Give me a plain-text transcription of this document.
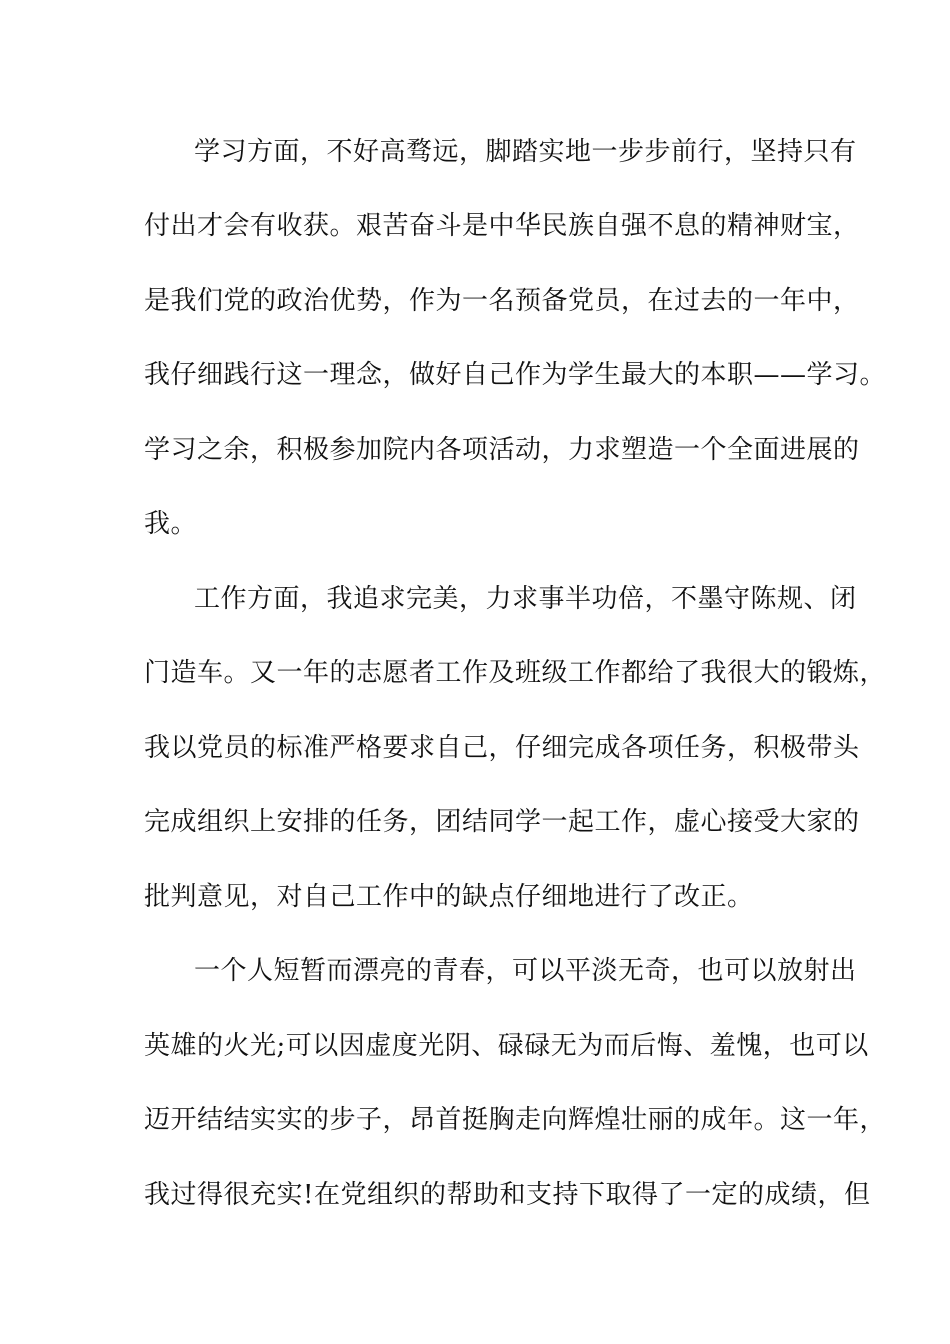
学习方面，不好高骛远，脚踏实地一步步前行，坚持只有
付出才会有收获。艰苦奋斗是中华民族自强不息的精神财宝，
是我们党的政治优势，作为一名预备党员，在过去的一年中，
我仔细践行这一理念，做好自己作为学生最大的本职——学习。
学习之余，积极参加院内各项活动，力求塑造一个全面进展的
我。
工作方面，我追求完美，力求事半功倍，不墨守陈规、闭
门造车。又一年的志愿者工作及班级工作都给了我很大的锻炼，
我以党员的标准严格要求自己，仔细完成各项任务，积极带头
完成组织上安排的任务，团结同学一起工作，虚心接受大家的
批判意见，对自己工作中的缺点仔细地进行了改正。
一个人短暂而漂亮的青春，可以平淡无奇，也可以放射出
英雄的火光;可以因虚度光阴、碌碌无为而后悔、羞愧，也可以
迈开结结实实的步子，昂首挺胸走向辉煌壮丽的成年。这一年，
我过得很充实!在党组织的帮助和支持下取得了一定的成绩，但
